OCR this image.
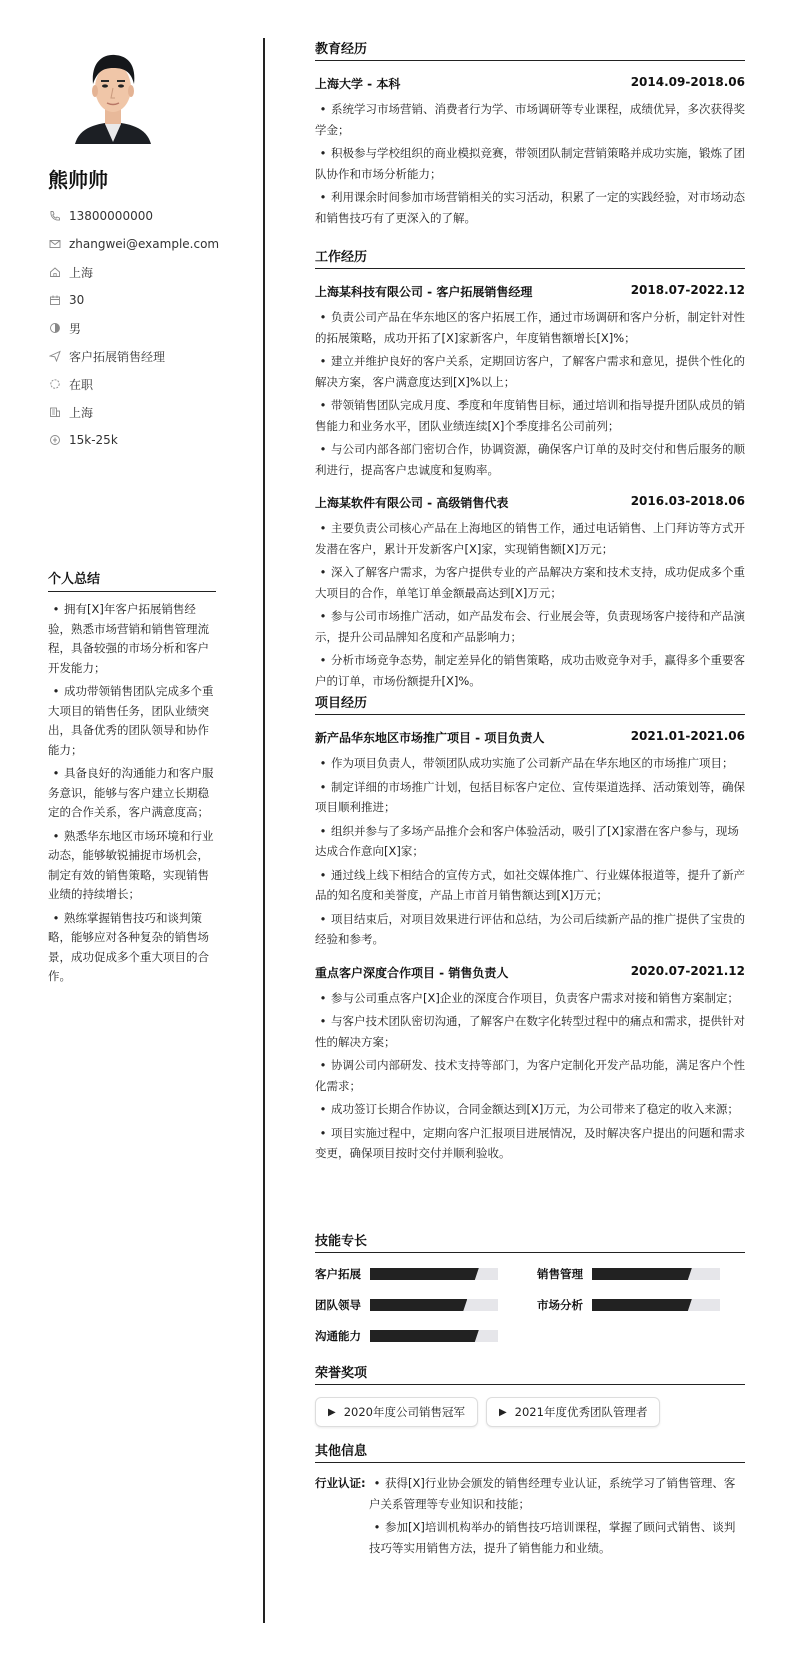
熊帅帅
13800000000
zhangwei@example.com
上海
30
男
客户拓展销售经理
在职
上海
15k-25k
个人总结
• 拥有[X]年客户拓展销售经验，熟悉市场营销和销售管理流程，具备较强的市场分析和客户开发能力；
• 成功带领销售团队完成多个重大项目的销售任务，团队业绩突出，具备优秀的团队领导和协作能力；
• 具备良好的沟通能力和客户服务意识，能够与客户建立长期稳定的合作关系，客户满意度高；
• 熟悉华东地区市场环境和行业动态，能够敏锐捕捉市场机会，制定有效的销售策略，实现销售业绩的持续增长；
• 熟练掌握销售技巧和谈判策略，能够应对各种复杂的销售场景，成功促成多个重大项目的合作。
教育经历
上海大学 - 本科	2014.09-2018.06
• 系统学习市场营销、消费者行为学、市场调研等专业课程，成绩优异，多次获得奖学金；
• 积极参与学校组织的商业模拟竞赛，带领团队制定营销策略并成功实施，锻炼了团队协作和市场分析能力；
• 利用课余时间参加市场营销相关的实习活动，积累了一定的实践经验，对市场动态和销售技巧有了更深入的了解。
工作经历
上海某科技有限公司 - 客户拓展销售经理	2018.07-2022.12
• 负责公司产品在华东地区的客户拓展工作，通过市场调研和客户分析，制定针对性的拓展策略，成功开拓了[X]家新客户，年度销售额增长[X]%；
• 建立并维护良好的客户关系，定期回访客户，了解客户需求和意见，提供个性化的解决方案，客户满意度达到[X]%以上；
• 带领销售团队完成月度、季度和年度销售目标，通过培训和指导提升团队成员的销售能力和业务水平，团队业绩连续[X]个季度排名公司前列；
• 与公司内部各部门密切合作，协调资源，确保客户订单的及时交付和售后服务的顺利进行，提高客户忠诚度和复购率。
上海某软件有限公司 - 高级销售代表	2016.03-2018.06
• 主要负责公司核心产品在上海地区的销售工作，通过电话销售、上门拜访等方式开发潜在客户，累计开发新客户[X]家，实现销售额[X]万元；
• 深入了解客户需求，为客户提供专业的产品解决方案和技术支持，成功促成多个重大项目的合作，单笔订单金额最高达到[X]万元；
• 参与公司市场推广活动，如产品发布会、行业展会等，负责现场客户接待和产品演示，提升公司品牌知名度和产品影响力；
• 分析市场竞争态势，制定差异化的销售策略，成功击败竞争对手，赢得多个重要客户的订单，市场份额提升[X]%。
项目经历
新产品华东地区市场推广项目 - 项目负责人	2021.01-2021.06
• 作为项目负责人，带领团队成功实施了公司新产品在华东地区的市场推广项目；
• 制定详细的市场推广计划，包括目标客户定位、宣传渠道选择、活动策划等，确保项目顺利推进；
• 组织并参与了多场产品推介会和客户体验活动，吸引了[X]家潜在客户参与，现场达成合作意向[X]家；
• 通过线上线下相结合的宣传方式，如社交媒体推广、行业媒体报道等，提升了新产品的知名度和美誉度，产品上市首月销售额达到[X]万元；
• 项目结束后，对项目效果进行评估和总结，为公司后续新产品的推广提供了宝贵的经验和参考。
重点客户深度合作项目 - 销售负责人	2020.07-2021.12
• 参与公司重点客户[X]企业的深度合作项目，负责客户需求对接和销售方案制定；
• 与客户技术团队密切沟通，了解客户在数字化转型过程中的痛点和需求，提供针对性的解决方案；
• 协调公司内部研发、技术支持等部门，为客户定制化开发产品功能，满足客户个性化需求；
• 成功签订长期合作协议，合同金额达到[X]万元，为公司带来了稳定的收入来源；
• 项目实施过程中，定期向客户汇报项目进展情况，及时解决客户提出的问题和需求变更，确保项目按时交付并顺利验收。
技能专长
客户拓展	销售管理
团队领导	市场分析
沟通能力
荣誉奖项
▶ 2020年度公司销售冠军	▶ 2021年度优秀团队管理者
其他信息
行业认证: • 获得[X]行业协会颁发的销售经理专业认证，系统学习了销售管理、客户关系管理等专业知识和技能；
• 参加[X]培训机构举办的销售技巧培训课程，掌握了顾问式销售、谈判技巧等实用销售方法，提升了销售能力和业绩。
